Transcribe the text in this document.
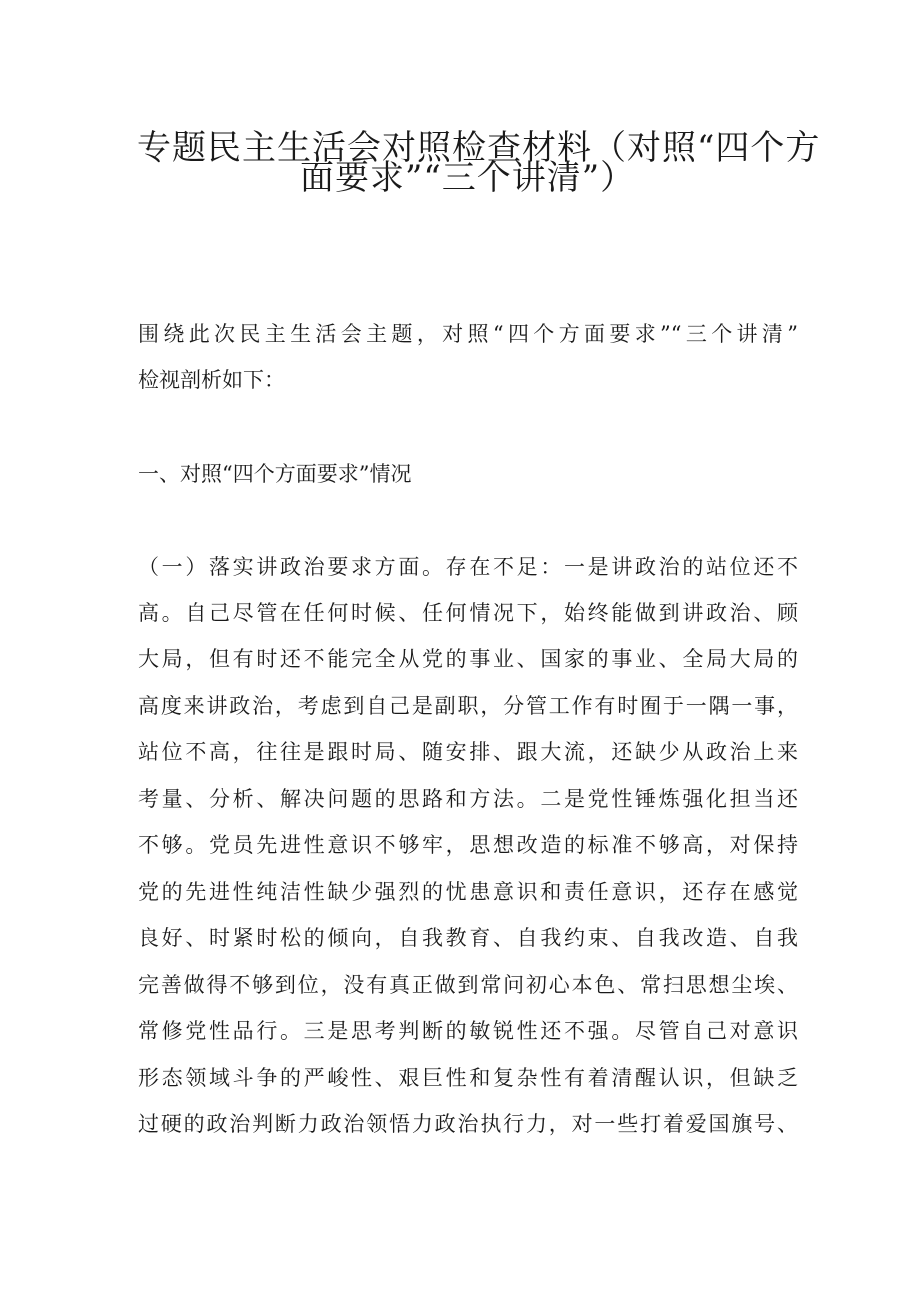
专题民主生活会对照检查材料（对照“四个方
面要求”“三个讲清”）
围绕此次民主生活会主题，对照“四个方面要求”“三个讲清”
检视剖析如下：
一、对照“四个方面要求”情况
（一）落实讲政治要求方面。存在不足：一是讲政治的站位还不
高。自己尽管在任何时候、任何情况下，始终能做到讲政治、顾
大局，但有时还不能完全从党的事业、国家的事业、全局大局的
高度来讲政治，考虑到自己是副职，分管工作有时囿于一隅一事，
站位不高，往往是跟时局、随安排、跟大流，还缺少从政治上来
考量、分析、解决问题的思路和方法。二是党性锤炼强化担当还
不够。党员先进性意识不够牢，思想改造的标准不够高，对保持
党的先进性纯洁性缺少强烈的忧患意识和责任意识，还存在感觉
良好、时紧时松的倾向，自我教育、自我约束、自我改造、自我
完善做得不够到位，没有真正做到常问初心本色、常扫思想尘埃、
常修党性品行。三是思考判断的敏锐性还不强。尽管自己对意识
形态领域斗争的严峻性、艰巨性和复杂性有着清醒认识，但缺乏
过硬的政治判断力政治领悟力政治执行力，对一些打着爱国旗号、
